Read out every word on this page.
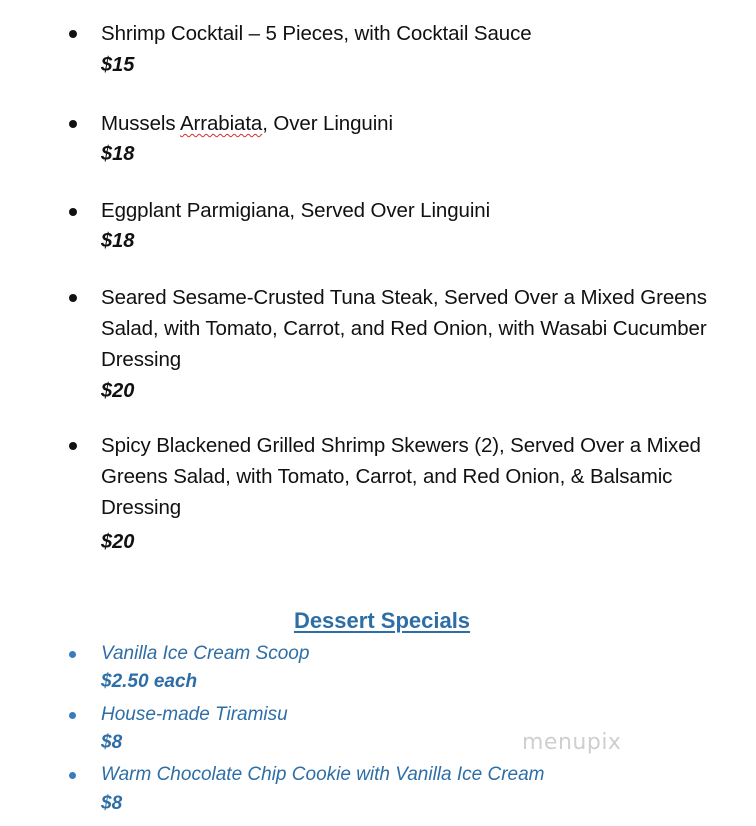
Shrimp Cocktail – 5 Pieces, with Cocktail Sauce
$15
Mussels Arrabiata, Over Linguini
$18
Eggplant Parmigiana, Served Over Linguini
$18
Seared Sesame-Crusted Tuna Steak, Served Over a Mixed Greens
Salad, with Tomato, Carrot, and Red Onion, with Wasabi Cucumber
Dressing
$20
Spicy Blackened Grilled Shrimp Skewers (2), Served Over a Mixed
Greens Salad, with Tomato, Carrot, and Red Onion, & Balsamic
Dressing
$20
Dessert Specials
Vanilla Ice Cream Scoop
$2.50 each
House-made Tiramisu
$8
Warm Chocolate Chip Cookie with Vanilla Ice Cream
$8
menupix
